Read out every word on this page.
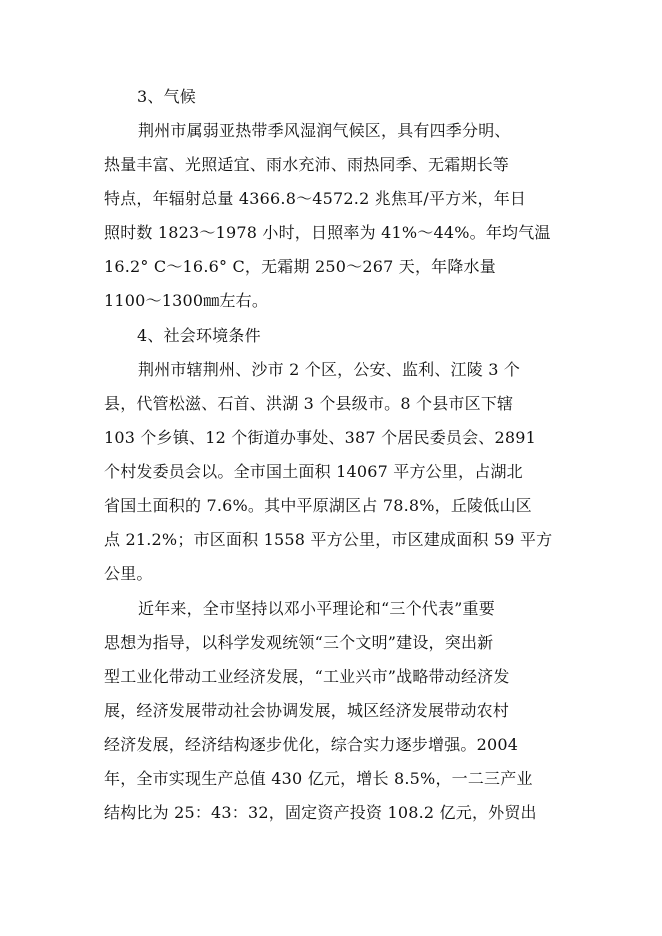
3、气候
荆州市属弱亚热带季风湿润气候区，具有四季分明、
热量丰富、光照适宜、雨水充沛、雨热同季、无霜期长等
特点，年辐射总量 4366.8～4572.2 兆焦耳/平方米，年日
照时数 1823～1978 小时，日照率为 41%～44%。年均气温
16.2° C～16.6° C，无霜期 250～267 天，年降水量
1100～1300㎜左右。
4、社会环境条件
荆州市辖荆州、沙市 2 个区，公安、监利、江陵 3 个
县，代管松滋、石首、洪湖 3 个县级市。8 个县市区下辖
103 个乡镇、12 个街道办事处、387 个居民委员会、2891
个村发委员会以。全市国土面积 14067 平方公里，占湖北
省国土面积的 7.6%。其中平原湖区占 78.8%，丘陵低山区
点 21.2%；市区面积 1558 平方公里，市区建成面积 59 平方
公里。
近年来，全市坚持以邓小平理论和“三个代表”重要
思想为指导，以科学发观统领“三个文明”建设，突出新
型工业化带动工业经济发展，“工业兴市”战略带动经济发
展，经济发展带动社会协调发展，城区经济发展带动农村
经济发展，经济结构逐步优化，综合实力逐步增强。2004
年，全市实现生产总值 430 亿元，增长 8.5%，一二三产业
结构比为 25：43：32，固定资产投资 108.2 亿元，外贸出
